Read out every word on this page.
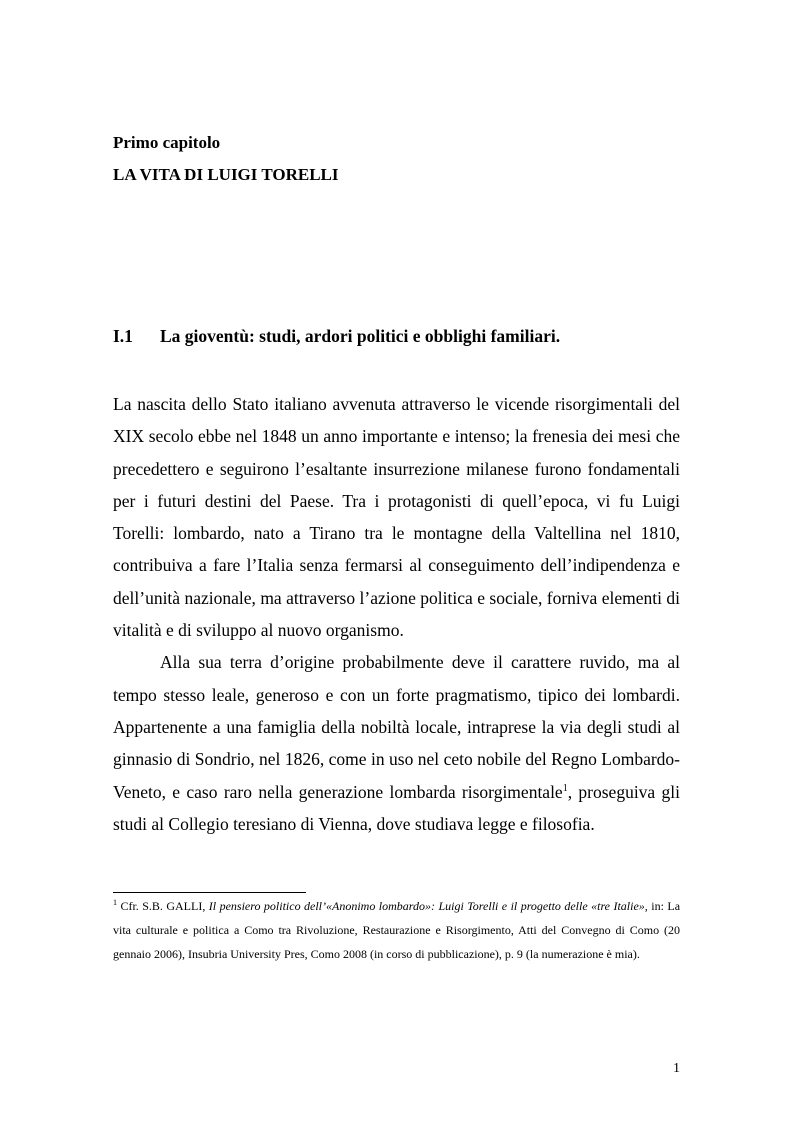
Primo capitolo
LA VITA DI LUIGI TORELLI
I.1 La gioventù: studi, ardori politici e obblighi familiari.

La nascita dello Stato italiano avvenuta attraverso le vicende risorgimentali del XIX secolo ebbe nel 1848 un anno importante e intenso; la frenesia dei mesi che precedettero e seguirono l’esaltante insurrezione milanese furono fondamentali per i futuri destini del Paese. Tra i protagonisti di quell’epoca, vi fu Luigi Torelli: lombardo, nato a Tirano tra le montagne della Valtellina nel 1810, contribuiva a fare l’Italia senza fermarsi al conseguimento dell’indipendenza e dell’unità nazionale, ma attraverso l’azione politica e sociale, forniva elementi di vitalità e di sviluppo al nuovo organismo.

Alla sua terra d’origine probabilmente deve il carattere ruvido, ma al tempo stesso leale, generoso e con un forte pragmatismo, tipico dei lombardi. Appartenente a una famiglia della nobiltà locale, intraprese la via degli studi al ginnasio di Sondrio, nel 1826, come in uso nel ceto nobile del Regno Lombardo-Veneto, e caso raro nella generazione lombarda risorgimentale$^1$, proseguiva gli studi al Collegio teresiano di Vienna, dove studiava legge e filosofia.

$^1$ Cfr. S.B. GALLI, Il pensiero politico dell’«Anonimo lombardo»: Luigi Torelli e il progetto delle «tre Italie», in: La vita culturale e politica a Como tra Rivoluzione, Restaurazione e Risorgimento, Atti del Convegno di Como (20 gennaio 2006), Insubria University Pres, Como 2008 (in corso di pubblicazione), p. 9 (la numerazione è mia).
1
